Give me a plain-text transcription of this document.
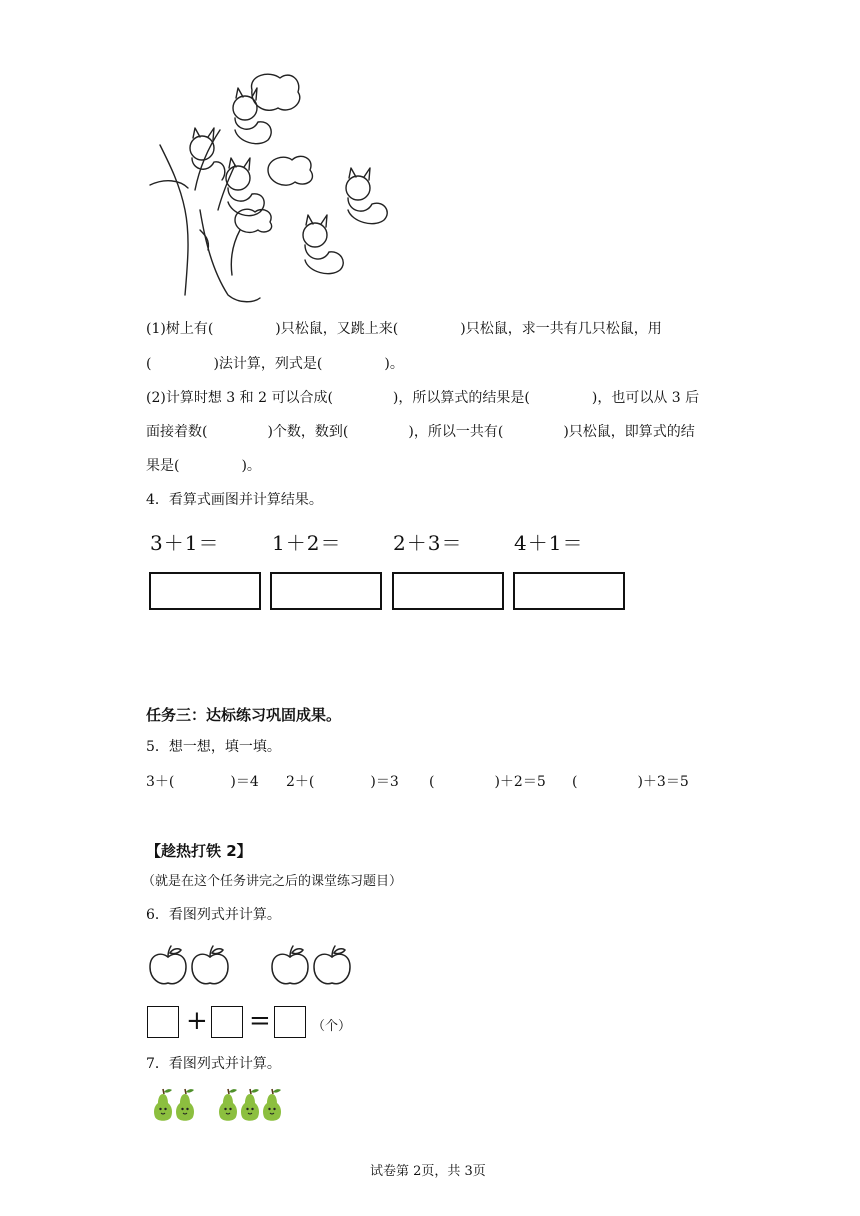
(1)树上有(	)只松鼠，又跳上来(	)只松鼠，求一共有几只松鼠，用
(	)法计算，列式是(	)。
(2)计算时想 3 和 2 可以合成(	)，所以算式的结果是(	)，也可以从 3 后
面接着数(	)个数，数到(	)，所以一共有(	)只松鼠，即算式的结
果是(	)。
4．看算式画图并计算结果。
3＋1＝	1＋2＝	2＋3＝	4＋1＝
任务三：达标练习巩固成果。
5．想一想，填一填。
3＋(	)＝4 2＋(	)＝3 (	)＋2＝5 (	)＋3＝5
【趁热打铁 2】
（就是在这个任务讲完之后的课堂练习题目）
6．看图列式并计算。
+ =	（个）
7．看图列式并计算。
试卷第 2页，共 3页
